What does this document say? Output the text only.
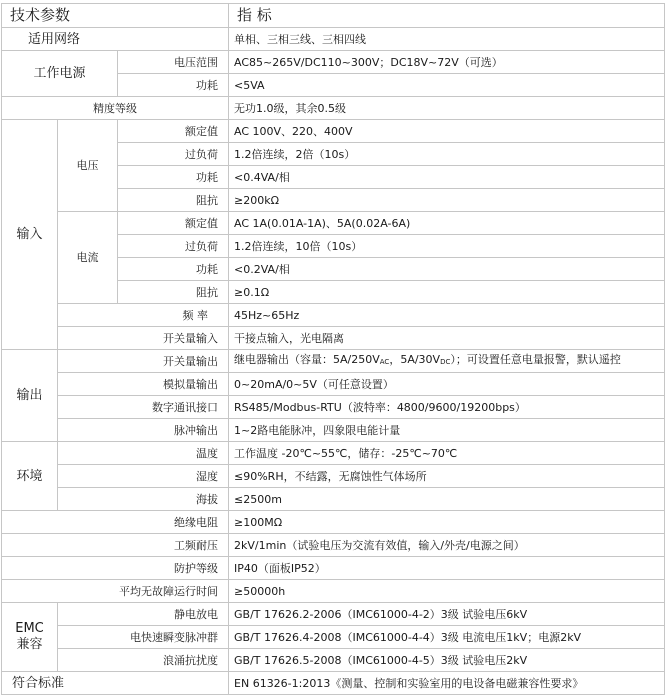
技术参数			指 标
适用网络			单相、三相三线、三相四线
工作电源		电压范围	AC85~265V/DC110~300V；DC18V~72V（可选）
		功耗	<5VA
精度等级			无功1.0级，其余0.5级
输入	电压	额定值	AC 100V、220、400V
		过负荷	1.2倍连续，2倍（10s）
		功耗	<0.4VA/相
		阻抗	≥200kΩ
	电流	额定值	AC 1A(0.01A-1A)、5A(0.02A-6A)
		过负荷	1.2倍连续，10倍（10s）
		功耗	<0.2VA/相
		阻抗	≥0.1Ω
	频 率		45Hz~65Hz
	开关量输入		干接点输入，光电隔离
输出	开关量输出		继电器输出（容量：5A/250VAC，5A/30VDC）；可设置任意电量报警，默认遥控
	模拟量输出		0~20mA/0~5V（可任意设置）
	数字通讯接口		RS485/Modbus-RTU（波特率：4800/9600/19200bps）
	脉冲输出		1~2路电能脉冲，四象限电能计量
环境	温度		工作温度 -20℃~55℃，储存：-25℃~70℃
	湿度		≤90%RH，不结露，无腐蚀性气体场所
	海拔		≤2500m
绝缘电阻			≥100MΩ
工频耐压			2kV/1min（试验电压为交流有效值，输入/外壳/电源之间）
防护等级			IP40（面板IP52）
平均无故障运行时间			≥50000h
EMC
兼容	静电放电		GB/T 17626.2-2006（IMC61000-4-2）3级 试验电压6kV
	电快速瞬变脉冲群		GB/T 17626.4-2008（IMC61000-4-4）3级 电流电压1kV；电源2kV
	浪涌抗扰度		GB/T 17626.5-2008（IMC61000-4-5）3级 试验电压2kV
符合标准			EN 61326-1:2013《测量、控制和实验室用的电设备电磁兼容性要求》
